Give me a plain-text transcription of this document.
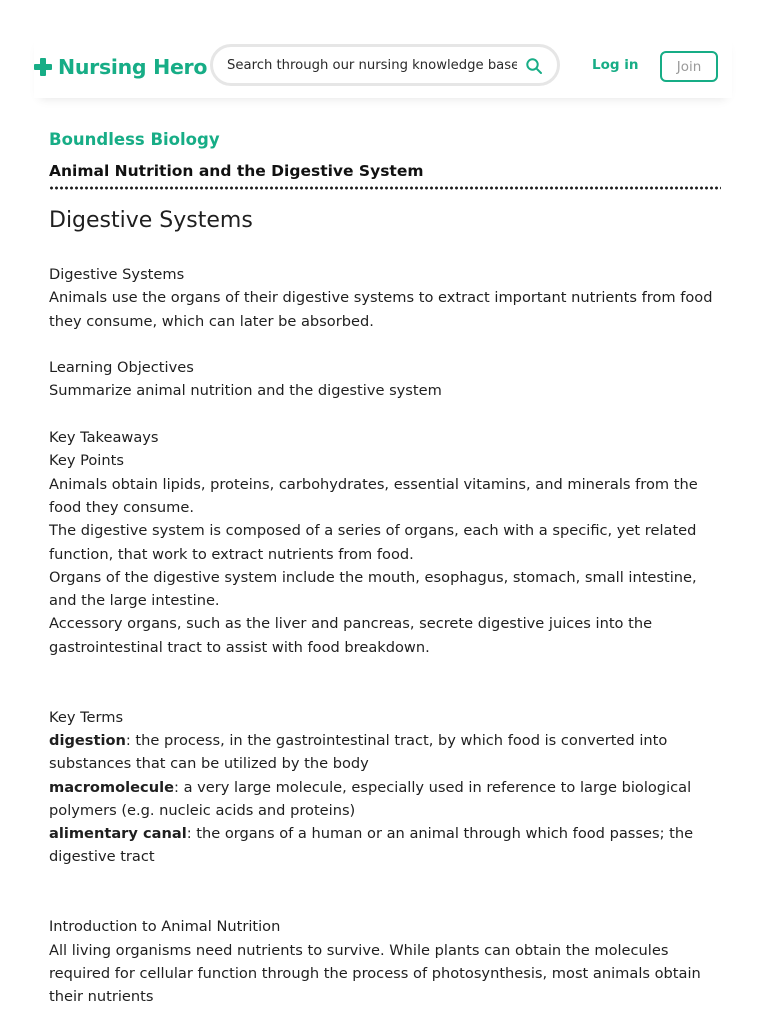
Nursing Hero
Search through our nursing knowledge base	Log in	Join
Boundless Biology
Animal Nutrition and the Digestive System
Digestive Systems

Digestive Systems

Animals use the organs of their digestive systems to extract important nutrients from food they consume, which can later be absorbed.

Learning Objectives

Summarize animal nutrition and the digestive system

Key Takeaways

Key Points

Animals obtain lipids, proteins, carbohydrates, essential vitamins, and minerals from the food they consume.

The digestive system is composed of a series of organs, each with a specific, yet related function, that work to extract nutrients from food.

Organs of the digestive system include the mouth, esophagus, stomach, small intestine, and the large intestine.

Accessory organs, such as the liver and pancreas, secrete digestive juices into the gastrointestinal tract to assist with food breakdown.

Key Terms

digestion: the process, in the gastrointestinal tract, by which food is converted into substances that can be utilized by the body

macromolecule: a very large molecule, especially used in reference to large biological polymers (e.g. nucleic acids and proteins)

alimentary canal: the organs of a human or an animal through which food passes; the digestive tract

Introduction to Animal Nutrition

All living organisms need nutrients to survive. While plants can obtain the molecules required for cellular function through the process of photosynthesis, most animals obtain their nutrients
